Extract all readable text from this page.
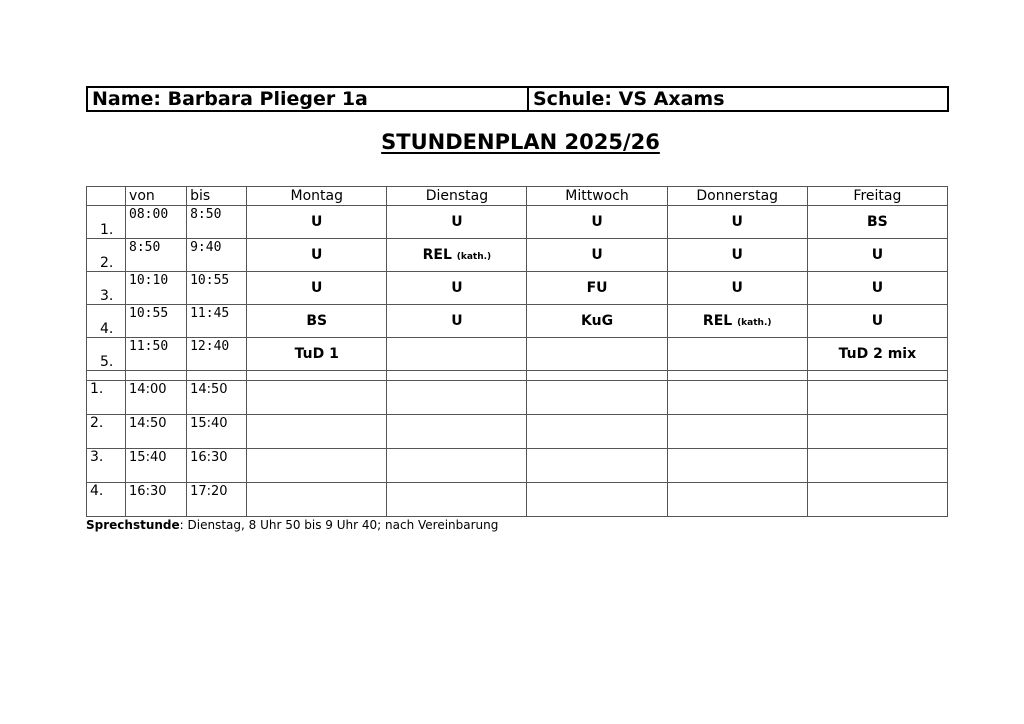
Name: Barbara Plieger 1a	Schule: VS Axams
STUNDENPLAN 2025/26
	von	bis	Montag	Dienstag	Mittwoch	Donnerstag	Freitag

1.	08:00	8:50	U	U	U	U	BS

2.	8:50	9:40	U	REL (kath.)	U	U	U

3.	10:10	10:55	U	U	FU	U	U

4.	10:55	11:45	BS	U	KuG	REL (kath.)	U

5.	11:50	12:40	TuD 1				TuD 2 mix

1.	14:00	14:50					
2.	14:50	15:40					
3.	15:40	16:30					
4.	16:30	17:20					
Sprechstunde: Dienstag, 8 Uhr 50 bis 9 Uhr 40; nach Vereinbarung
